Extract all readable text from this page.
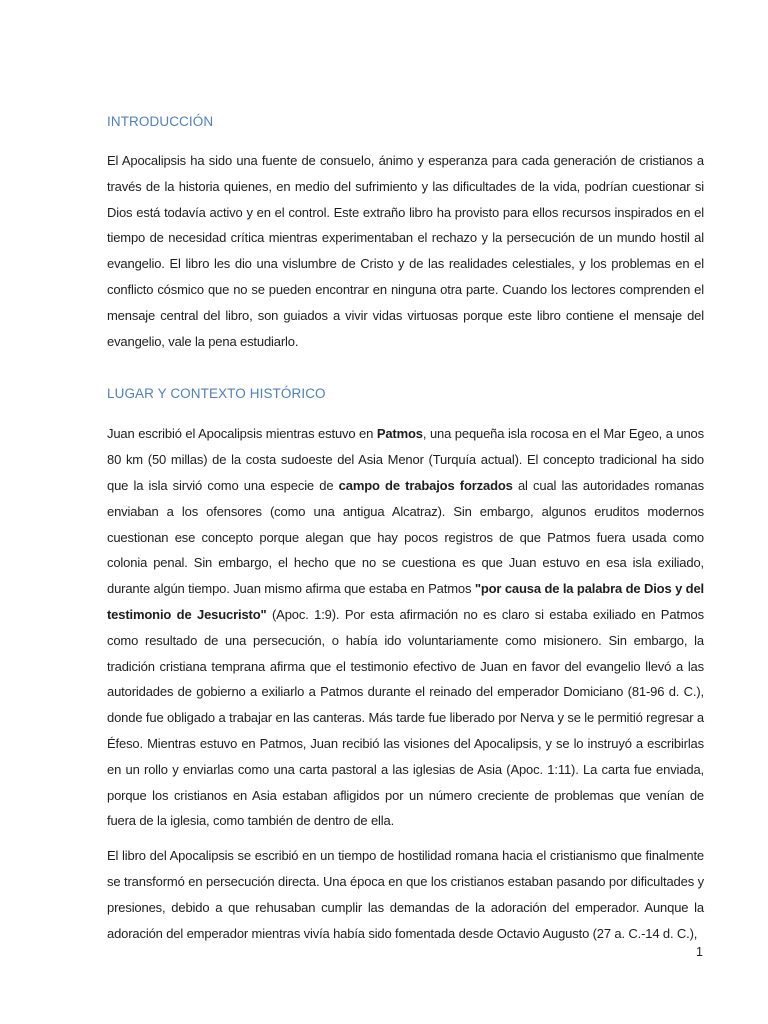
INTRODUCCIÓN

El Apocalipsis ha sido una fuente de consuelo, ánimo y esperanza para cada generación de cristianos a través de la historia quienes, en medio del sufrimiento y las dificultades de la vida, podrían cuestionar si Dios está todavía activo y en el control. Este extraño libro ha provisto para ellos recursos inspirados en el tiempo de necesidad crítica mientras experimentaban el rechazo y la persecución de un mundo hostil al evangelio. El libro les dio una vislumbre de Cristo y de las realidades celestiales, y los problemas en el conflicto cósmico que no se pueden encontrar en ninguna otra parte. Cuando los lectores comprenden el mensaje central del libro, son guiados a vivir vidas virtuosas porque este libro contiene el mensaje del evangelio, vale la pena estudiarlo.

LUGAR Y CONTEXTO HISTÓRICO

Juan escribió el Apocalipsis mientras estuvo en Patmos, una pequeña isla rocosa en el Mar Egeo, a unos 80 km (50 millas) de la costa sudoeste del Asia Menor (Turquía actual). El concepto tradicional ha sido que la isla sirvió como una especie de campo de trabajos forzados al cual las autoridades romanas enviaban a los ofensores (como una antigua Alcatraz). Sin embargo, algunos eruditos modernos cuestionan ese concepto porque alegan que hay pocos registros de que Patmos fuera usada como colonia penal. Sin embargo, el hecho que no se cuestiona es que Juan estuvo en esa isla exiliado, durante algún tiempo. Juan mismo afirma que estaba en Patmos "por causa de la palabra de Dios y del testimonio de Jesucristo" (Apoc. 1:9). Por esta afirmación no es claro si estaba exiliado en Patmos como resultado de una persecución, o había ido voluntariamente como misionero. Sin embargo, la tradición cristiana temprana afirma que el testimonio efectivo de Juan en favor del evangelio llevó a las autoridades de gobierno a exiliarlo a Patmos durante el reinado del emperador Domiciano (81-96 d. C.), donde fue obligado a trabajar en las canteras. Más tarde fue liberado por Nerva y se le permitió regresar a Éfeso. Mientras estuvo en Patmos, Juan recibió las visiones del Apocalipsis, y se lo instruyó a escribirlas en un rollo y enviarlas como una carta pastoral a las iglesias de Asia (Apoc. 1:11). La carta fue enviada, porque los cristianos en Asia estaban afligidos por un número creciente de problemas que venían de fuera de la iglesia, como también de dentro de ella.

El libro del Apocalipsis se escribió en un tiempo de hostilidad romana hacia el cristianismo que finalmente se transformó en persecución directa. Una época en que los cristianos estaban pasando por dificultades y presiones, debido a que rehusaban cumplir las demandas de la adoración del emperador. Aunque la adoración del emperador mientras vivía había sido fomentada desde Octavio Augusto (27 a. C.-14 d. C.),

1
